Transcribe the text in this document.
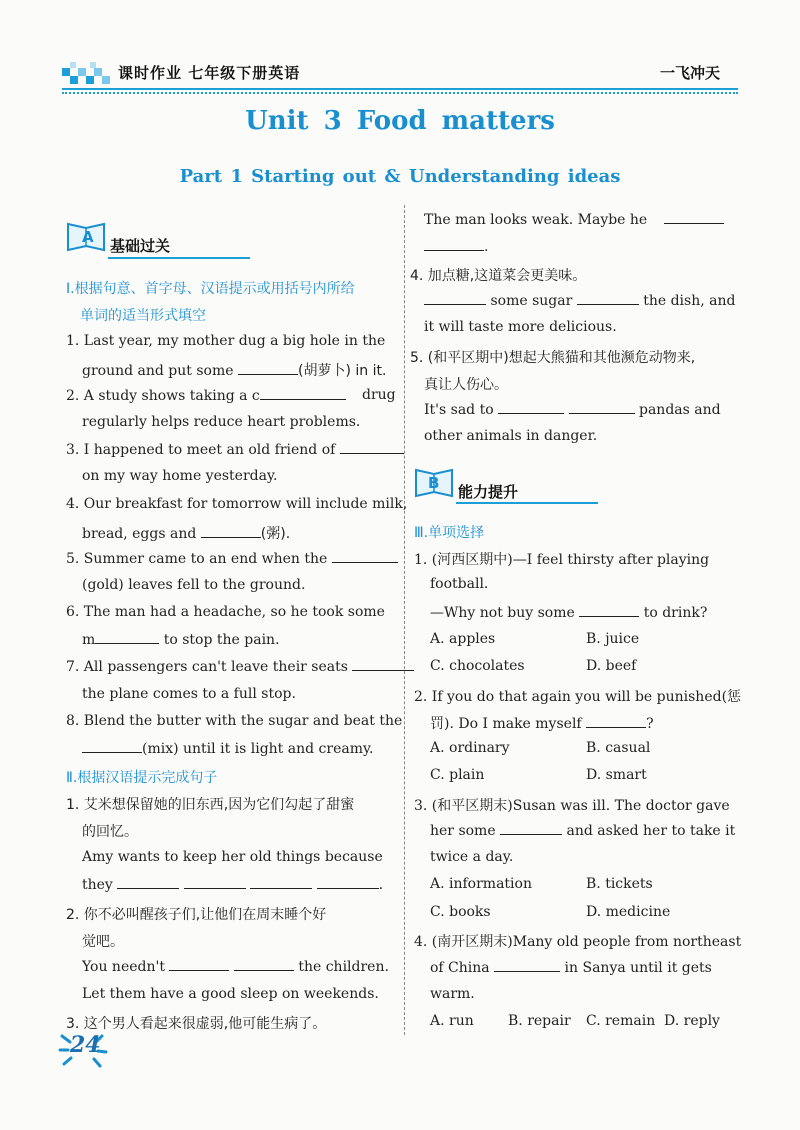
课时作业 七年级下册英语	一飞冲天
Unit 3 Food matters
Part 1 Starting out & Understanding ideas
A 基础过关
Ⅰ.根据句意、首字母、汉语提示或用括号内所给
单词的适当形式填空
1. Last year, my mother dug a big hole in the
ground and put some	(胡萝卜) in it.
2. A study shows taking a c	drug
regularly helps reduce heart problems.
3. I happened to meet an old friend of
on my way home yesterday.
4. Our breakfast for tomorrow will include milk,
bread, eggs and	(粥).
5. Summer came to an end when the
(gold) leaves fell to the ground.
6. The man had a headache, so he took some
m	to stop the pain.
7. All passengers can't leave their seats
the plane comes to a full stop.
8. Blend the butter with the sugar and beat the
(mix) until it is light and creamy.
Ⅱ.根据汉语提示完成句子
1. 艾米想保留她的旧东西,因为它们勾起了甜蜜
的回忆。
Amy wants to keep her old things because
they	.
2. 你不必叫醒孩子们,让他们在周末睡个好
觉吧。
You needn't	the children.
Let them have a good sleep on weekends.
3. 这个男人看起来很虚弱,他可能生病了。
The man looks weak. Maybe he
.
4. 加点糖,这道菜会更美味。
some sugar	the dish, and
it will taste more delicious.
5. (和平区期中)想起大熊猫和其他濒危动物来,
真让人伤心。
It's sad to	pandas and
other animals in danger.
B 能力提升
Ⅲ.单项选择
1. (河西区期中)—I feel thirsty after playing
football.
—Why not buy some	to drink?
A. apples	B. juice
C. chocolates	D. beef
2. If you do that again you will be punished(惩
罚). Do I make myself	?
A. ordinary	B. casual
C. plain	D. smart
3. (和平区期末)Susan was ill. The doctor gave
her some	and asked her to take it
twice a day.
A. information	B. tickets
C. books	D. medicine
4. (南开区期末)Many old people from northeast
of China	in Sanya until it gets
warm.
A. run B. repair C. remain D. reply
24
